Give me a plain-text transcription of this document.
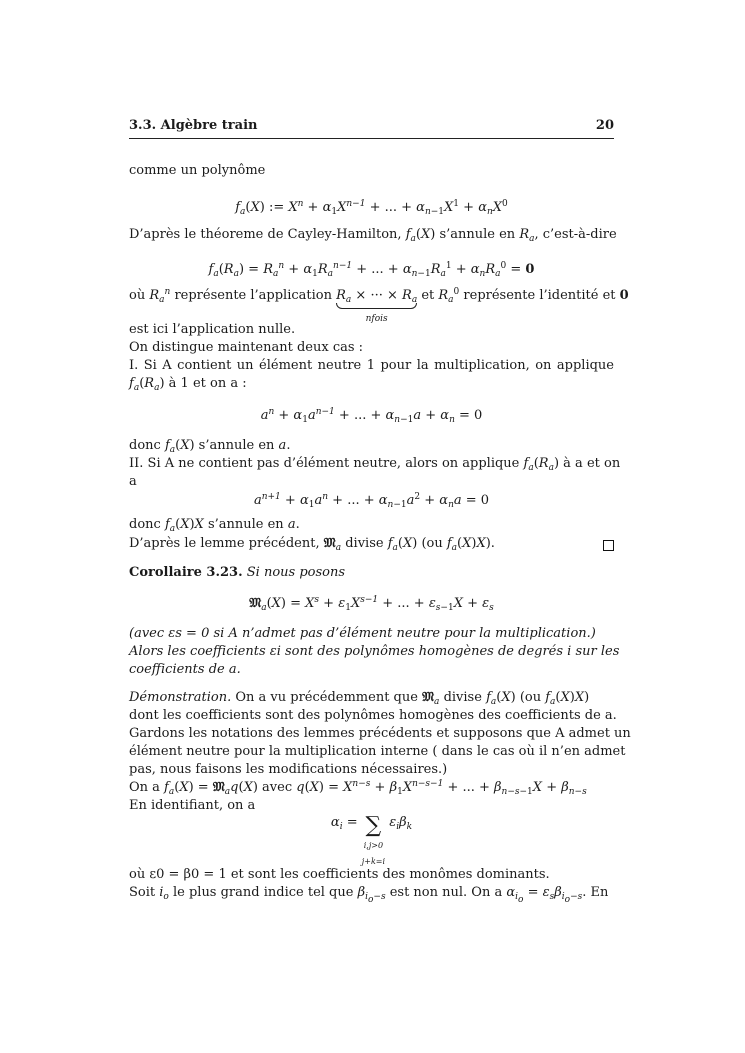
3.3. Algèbre train	20
comme un polynôme
$f_a(X)$ := $X^n + \alpha_1X^{n-1}$ + ... + $\alpha_{n-1}X^1 + \alpha_nX^0$
D’après le théoreme de Cayley-Hamilton, $f_a(X)$ s’annule en $R_a$, c’est-à-dire
$f_a(R_a) = R_a^n + \alpha_1R_a^{n-1}$ + ... + $\alpha_{n-1}R_a^1 + \alpha_nR_a^0 = 0$
où $R_a^n$ représente l’application $R_a$ × ··· × $R_a$
nfois
et $R_a^0$ représente l’identité et 0
est ici l’application nulle.
On distingue maintenant deux cas :
I. Si A contient un élément neutre 1 pour la multiplication, on applique
$f_a(R_a)$ à 1 et on a :
$a^n + \alpha_1a^{n-1}$ + ... + $\alpha_{n-1}a + \alpha_n = 0$
donc $f_a(X)$ s’annule en a.
II. Si A ne contient pas d’élément neutre, alors on applique $f_a(R_a)$ à a et on
a
$a^{n+1} + \alpha_1a^n$ + ... + $\alpha_{n-1}a^2 + \alpha_na = 0$
donc $f_a(X)X$ s’annule en a.
D’après le lemme précédent, 𝔐$_a$ divise $f_a(X)$ (ou $f_a(X)X$).
Corollaire 3.23. Si nous posons
𝔐$_a$(X) = $X^s + \varepsilon_1X^{s-1}$ + ... + $\varepsilon_{s-1}X + \varepsilon_s$
(avec εs = 0 si A n’admet pas d’élément neutre pour la multiplication.)
Alors les coefficients εi sont des polynômes homogènes de degrés i sur les
coefficients de a.
Démonstration. On a vu précédemment que 𝔐$_a$ divise $f_a(X)$ (ou $f_a(X)X$)
dont les coefficients sont des polynômes homogènes des coefficients de a.
Gardons les notations des lemmes précédents et supposons que A admet un
élément neutre pour la multiplication interne ( dans le cas où il n’en admet
pas, nous faisons les modifications nécessaires.)
On a $f_a(X)$ = 𝔐$_a$q(X) avec $q(X) = X^{n-s} + \beta_1X^{n-s-1}$ + ... + $\beta_{n-s-1}X + \beta_{n-s}$
En identifiant, on a
$\alpha_i$ = ∑
i,j>0
j+k=i $\varepsilon_i\beta_k$
où ε0 = β0 = 1 et sont les coefficients des monômes dominants.
Soit $i_o$ le plus grand indice tel que $\beta_{i_o-s}$ est non nul. On a $\alpha_{i_o} = \varepsilon_s\beta_{i_o-s}$. En
